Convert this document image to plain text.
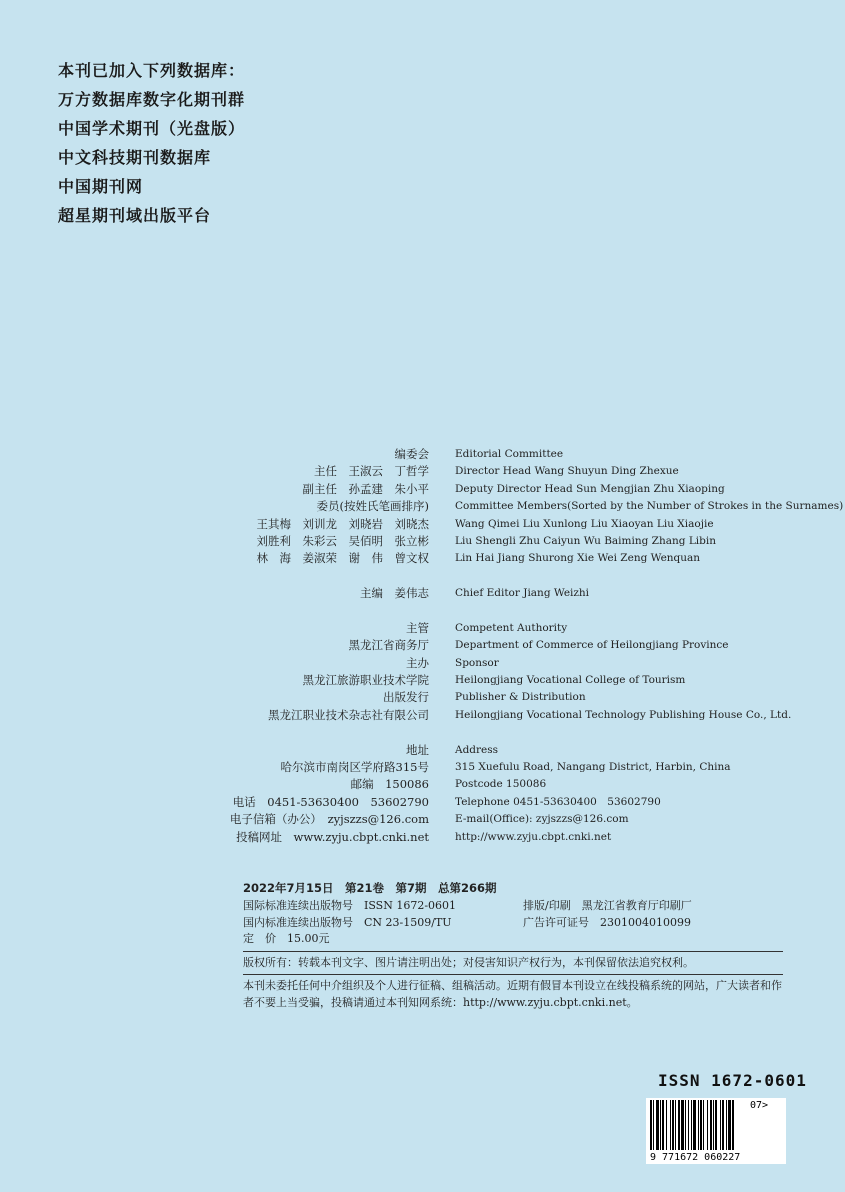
本刊已加入下列数据库：
万方数据库数字化期刊群
中国学术期刊（光盘版）
中文科技期刊数据库
中国期刊网
超星期刊域出版平台
编委会 Editorial Committee
主任　王淑云　丁哲学 Director Head Wang Shuyun Ding Zhexue
副主任　孙孟建　朱小平 Deputy Director Head Sun Mengjian Zhu Xiaoping
委员(按姓氏笔画排序) Committee Members(Sorted by the Number of Strokes in the Surnames)
王其梅　刘训龙　刘晓岩　刘晓杰 Wang Qimei Liu Xunlong Liu Xiaoyan Liu Xiaojie
刘胜利　朱彩云　吴佰明　张立彬 Liu Shengli Zhu Caiyun Wu Baiming Zhang Libin
林　海　姜淑荣　谢　伟　曾文权 Lin Hai Jiang Shurong Xie Wei Zeng Wenquan
主编　姜伟志 Chief Editor Jiang Weizhi
主管 Competent Authority
黑龙江省商务厅 Department of Commerce of Heilongjiang Province
主办 Sponsor
黑龙江旅游职业技术学院 Heilongjiang Vocational College of Tourism
出版发行 Publisher & Distribution
黑龙江职业技术杂志社有限公司 Heilongjiang Vocational Technology Publishing House Co., Ltd.
地址 Address
哈尔滨市南岗区学府路315号 315 Xuefulu Road, Nangang District, Harbin, China
邮编　150086 Postcode 150086
电话　0451-53630400　53602790 Telephone 0451-53630400　53602790
电子信箱（办公）　zyjszzs@126.com E-mail(Office): zyjszzs@126.com
投稿网址　www.zyju.cbpt.cnki.net http://www.zyju.cbpt.cnki.net
2022年7月15日　第21卷　第7期　总第266期
国际标准连续出版物号　ISSN 1672-0601	排版/印刷　黑龙江省教育厅印刷厂
国内标准连续出版物号　CN 23-1509/TU	广告许可证号　2301004010099
定　价　15.00元
版权所有：转载本刊文字、图片请注明出处；对侵害知识产权行为，本刊保留依法追究权利。
本刊未委托任何中介组织及个人进行征稿、组稿活动。近期有假冒本刊设立在线投稿系统的网站，广大读者和作者不要上当受骗，投稿请通过本刊知网系统：http://www.zyju.cbpt.cnki.net。
ISSN 1672-0601
9 771672 060227
07>
